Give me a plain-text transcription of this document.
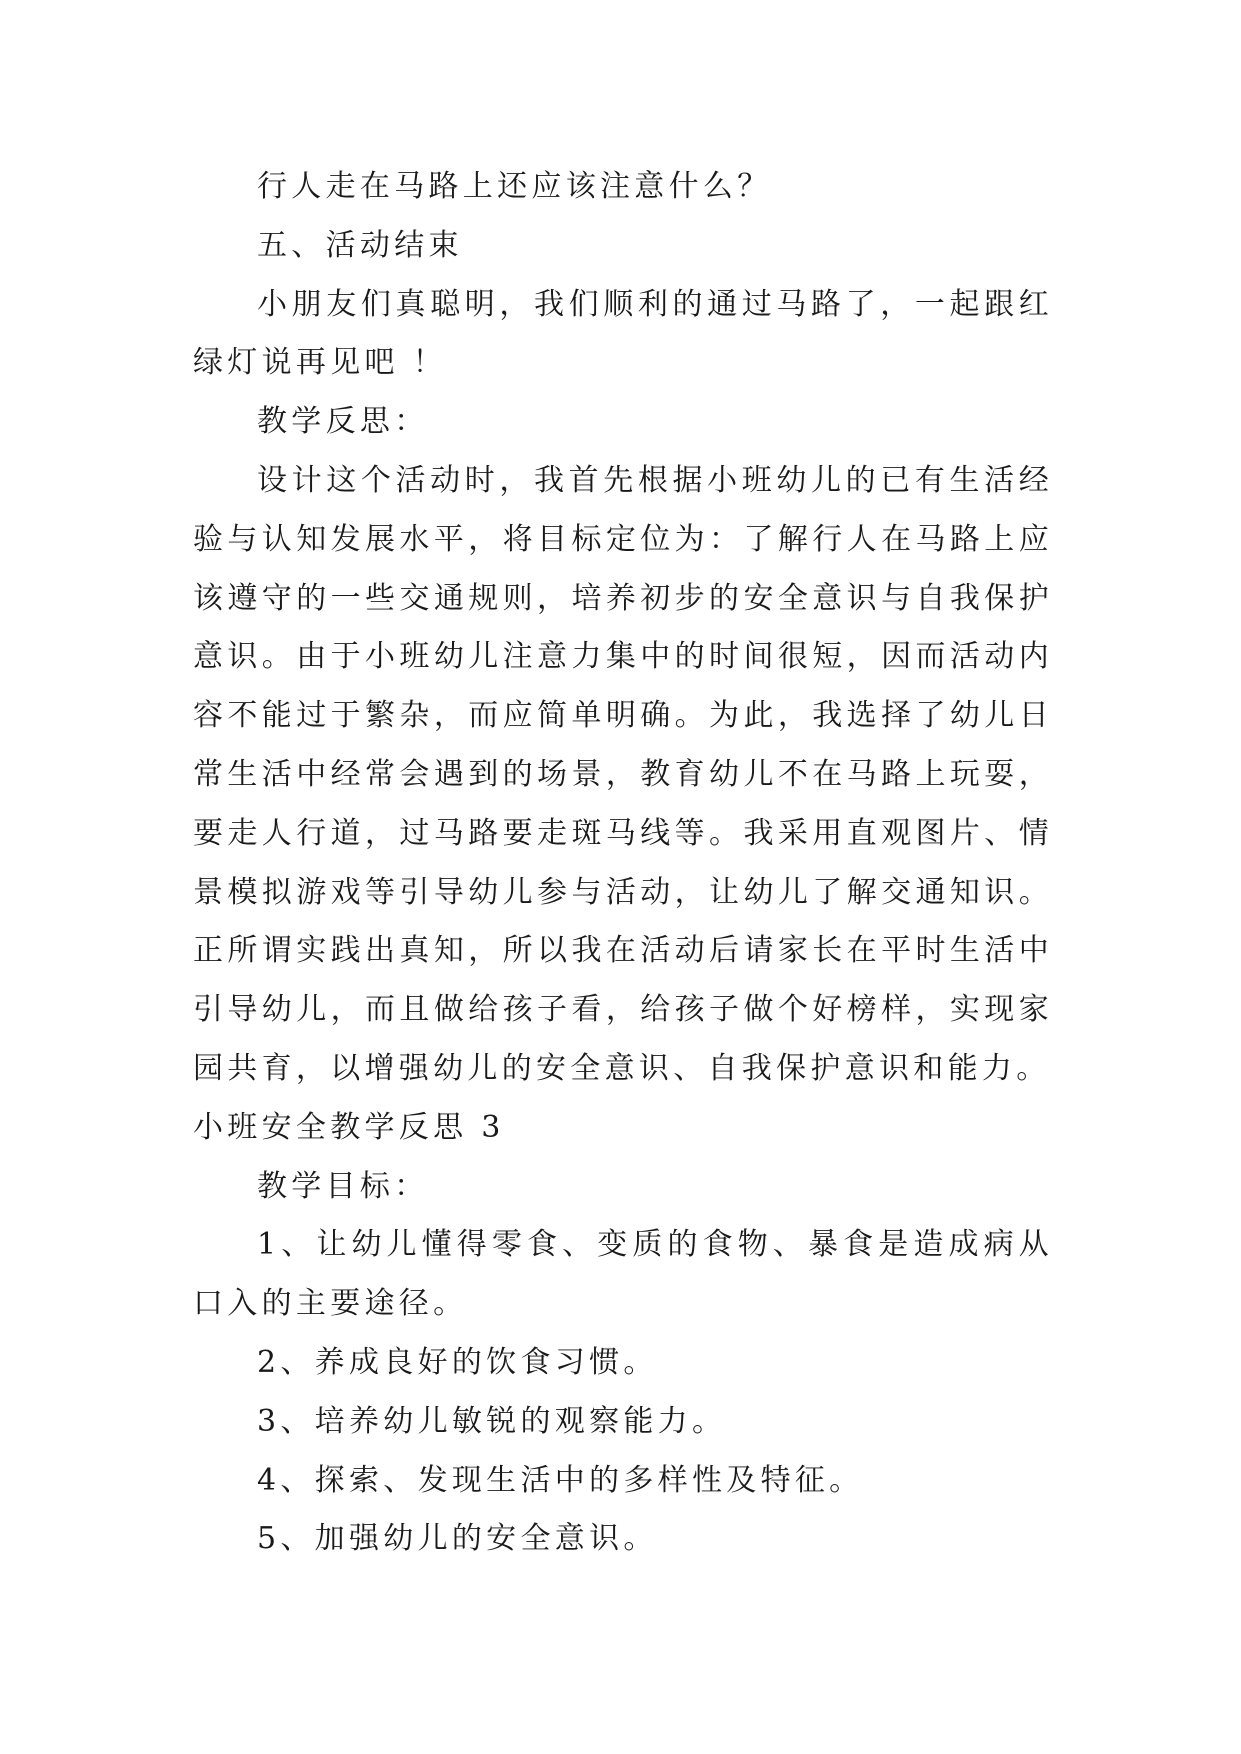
行人走在马路上还应该注意什么？

五、活动结束

小朋友们真聪明，我们顺利的通过马路了，一起跟红绿灯说再见吧 ！

教学反思：

设计这个活动时，我首先根据小班幼儿的已有生活经验与认知发展水平，将目标定位为：了解行人在马路上应该遵守的一些交通规则，培养初步的安全意识与自我保护意识。由于小班幼儿注意力集中的时间很短，因而活动内容不能过于繁杂，而应简单明确。为此，我选择了幼儿日常生活中经常会遇到的场景，教育幼儿不在马路上玩耍，要走人行道，过马路要走斑马线等。我采用直观图片、情景模拟游戏等引导幼儿参与活动，让幼儿了解交通知识。正所谓实践出真知，所以我在活动后请家长在平时生活中引导幼儿，而且做给孩子看，给孩子做个好榜样，实现家园共育，以增强幼儿的安全意识、自我保护意识和能力。

小班安全教学反思 3

教学目标：

1、让幼儿懂得零食、变质的食物、暴食是造成病从口入的主要途径。

2、养成良好的饮食习惯。

3、培养幼儿敏锐的观察能力。

4、探索、发现生活中的多样性及特征。

5、加强幼儿的安全意识。
